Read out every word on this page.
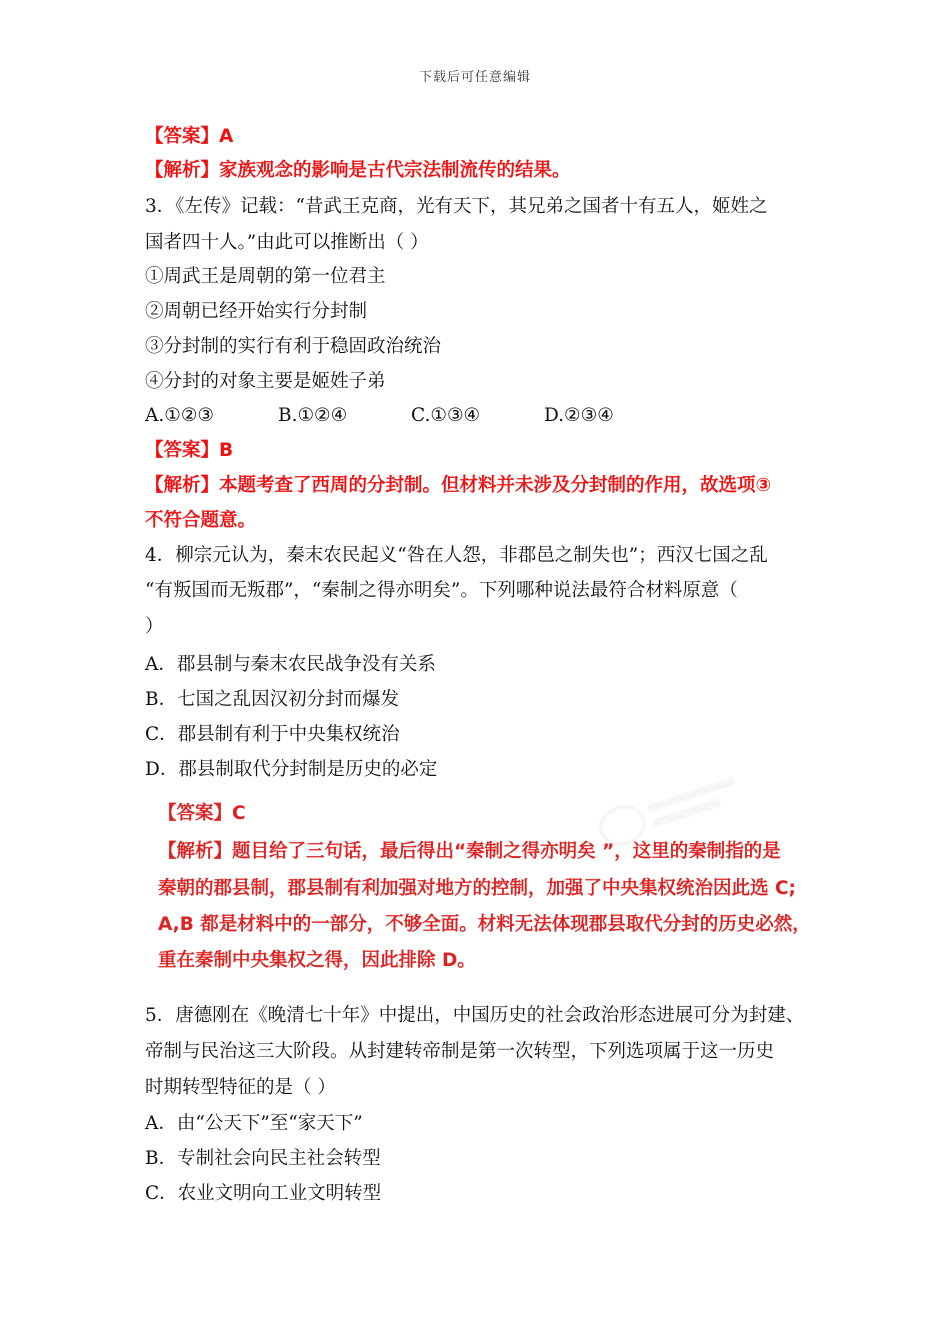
下载后可任意编辑
【答案】A
【解析】家族观念的影响是古代宗法制流传的结果。
3．《左传》记载：“昔武王克商，光有天下，其兄弟之国者十有五人，姬姓之
国者四十人。”由此可以推断出（ ）
①周武王是周朝的第一位君主
②周朝已经开始实行分封制
③分封制的实行有利于稳固政治统治
④分封的对象主要是姬姓子弟
A.①②③	B.①②④	C.①③④	D.②③④
【答案】B
【解析】本题考查了西周的分封制。但材料并未涉及分封制的作用，故选项③
不符合题意。
4．柳宗元认为，秦末农民起义“咎在人怨，非郡邑之制失也”；西汉七国之乱
“有叛国而无叛郡”，“秦制之得亦明矣”。下列哪种说法最符合材料原意（
）
A．郡县制与秦末农民战争没有关系
B．七国之乱因汉初分封而爆发
C．郡县制有利于中央集权统治
D．郡县制取代分封制是历史的必定
【答案】C
【解析】题目给了三句话，最后得出“秦制之得亦明矣 ”，这里的秦制指的是
秦朝的郡县制，郡县制有利加强对地方的控制，加强了中央集权统治因此选 C;
A,B 都是材料中的一部分，不够全面。材料无法体现郡县取代分封的历史必然，
重在秦制中央集权之得，因此排除 D。
5．唐德刚在《晚清七十年》中提出，中国历史的社会政治形态进展可分为封建、
帝制与民治这三大阶段。从封建转帝制是第一次转型，下列选项属于这一历史
时期转型特征的是（ ）
A．由“公天下”至“家天下”
B．专制社会向民主社会转型
C．农业文明向工业文明转型
